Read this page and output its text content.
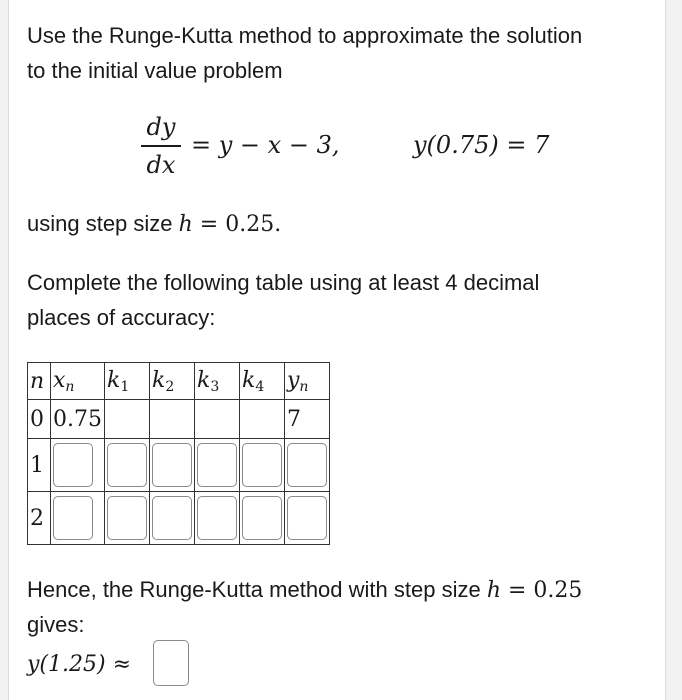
Use the Runge-Kutta method to approximate the solution

to the initial value problem

dy
dx
= y − x − 3,	y(0.75) = 7

using step size h = 0.25.

Complete the following table using at least 4 decimal

places of accuracy:

n	xn	$k_1$	$k_2$	$k_3$	$k_4$	yn
0	0.75					7
1						
2						

Hence, the Runge-Kutta method with step size h = 0.25

gives:

y(1.25) ≈
